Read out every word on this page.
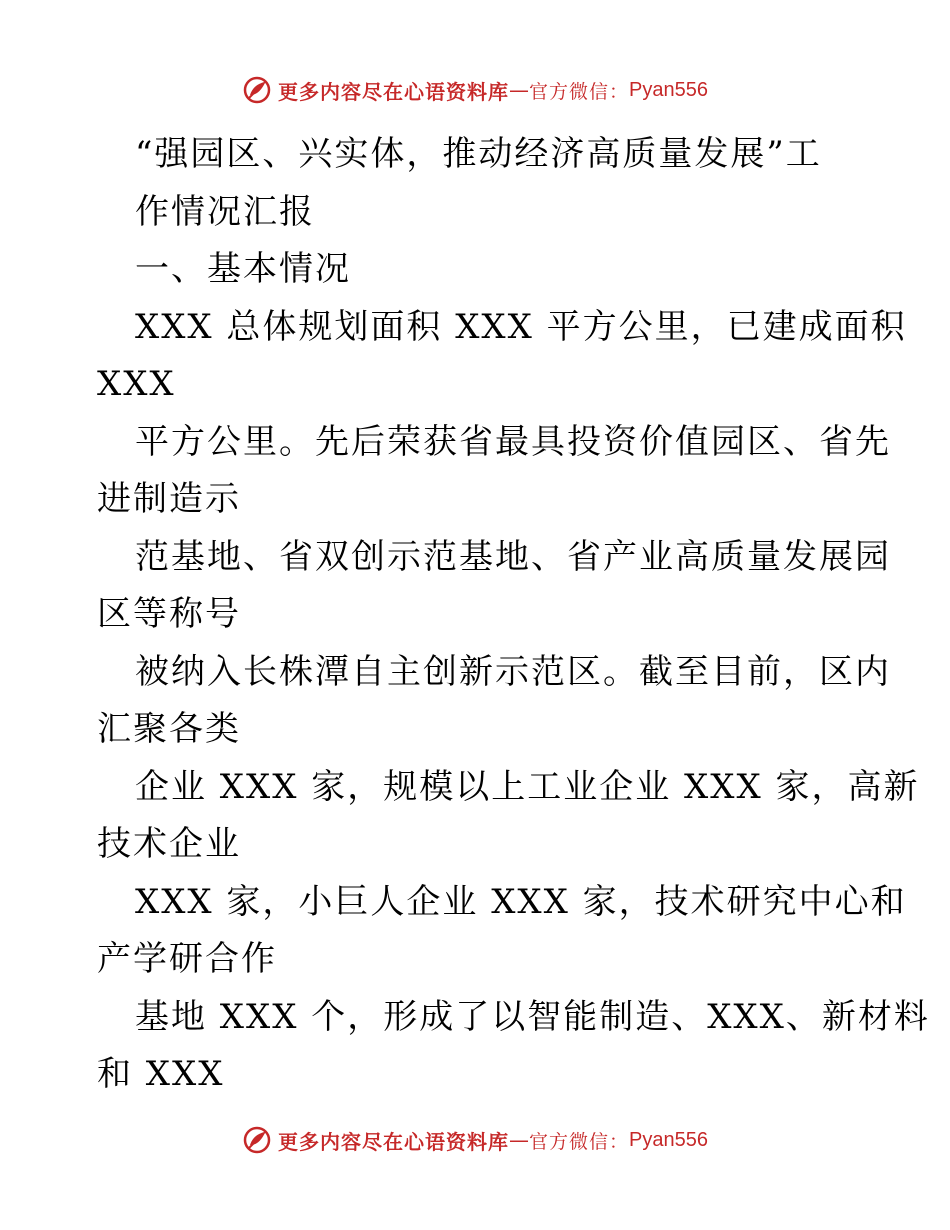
更多内容尽在心语资料库 — 官方微信： Pyan556
“强园区、兴实体，推动经济高质量发展”工
作情况汇报
一、基本情况
XXX 总体规划面积 XXX 平方公里，已建成面积
XXX
平方公里。先后荣获省最具投资价值园区、省先
进制造示
范基地、省双创示范基地、省产业高质量发展园
区等称号
被纳入长株潭自主创新示范区。截至目前，区内
汇聚各类
企业 XXX 家，规模以上工业企业 XXX 家，高新
技术企业
XXX 家，小巨人企业 XXX 家，技术研究中心和
产学研合作
基地 XXX 个，形成了以智能制造、XXX、新材料
和 XXX
更多内容尽在心语资料库 — 官方微信： Pyan556
